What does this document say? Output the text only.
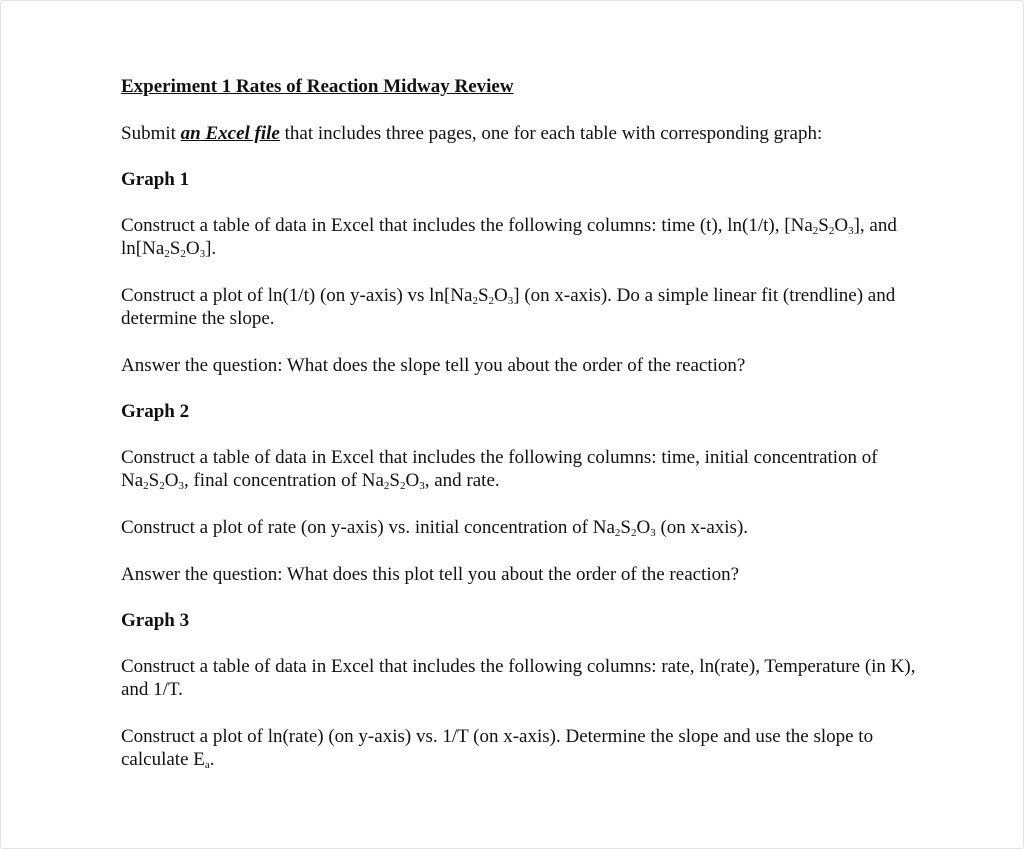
Experiment 1 Rates of Reaction Midway Review

Submit an Excel file that includes three pages, one for each table with corresponding graph:

Graph 1

Construct a table of data in Excel that includes the following columns: time (t), ln(1/t), $[Na_2S_2O_3]$, and $\ln[Na_2S_2O_3]$.

Construct a plot of ln(1/t) (on y-axis) vs $\ln[Na_2S_2O_3]$ (on x-axis). Do a simple linear fit (trendline) and determine the slope.

Answer the question: What does the slope tell you about the order of the reaction?

Graph 2

Construct a table of data in Excel that includes the following columns: time, initial concentration of $Na_2S_2O_3$, final concentration of $Na_2S_2O_3$, and rate.

Construct a plot of rate (on y-axis) vs. initial concentration of $Na_2S_2O_3$ (on x-axis).

Answer the question: What does this plot tell you about the order of the reaction?

Graph 3

Construct a table of data in Excel that includes the following columns: rate, ln(rate), Temperature (in K), and 1/T.

Construct a plot of ln(rate) (on y-axis) vs. 1/T (on x-axis). Determine the slope and use the slope to calculate $E_a$.
